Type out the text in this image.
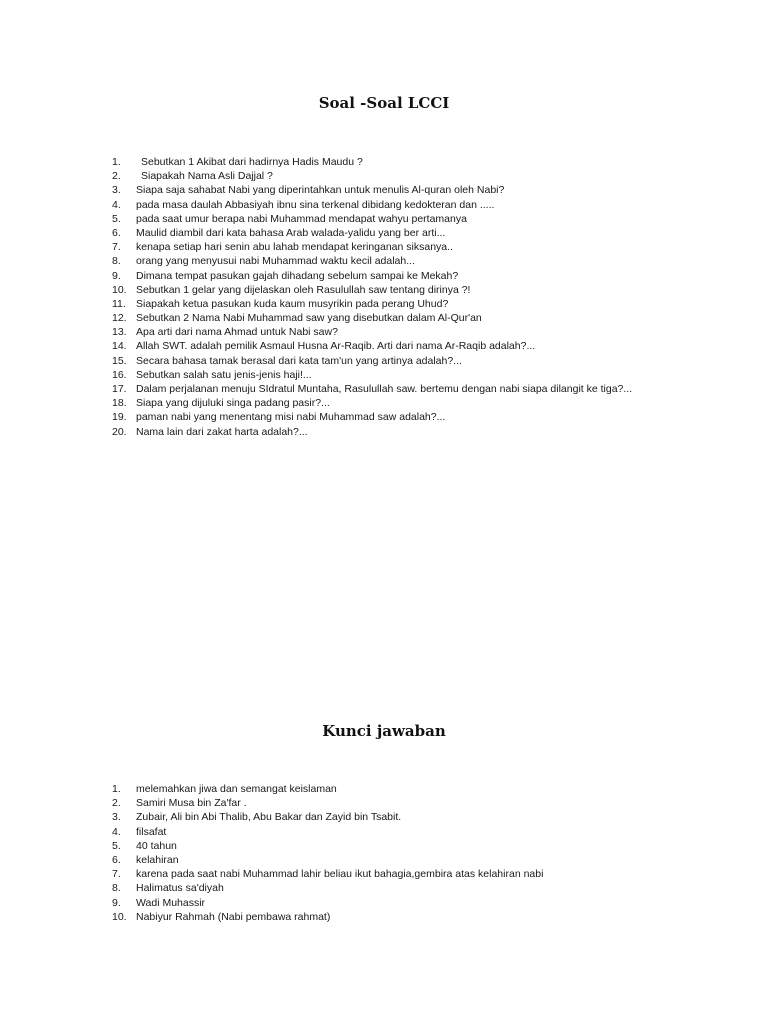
Soal -Soal LCCI
1.	Sebutkan 1 Akibat dari hadirnya Hadis Maudu ?
2.	Siapakah Nama Asli Dajjal ?
3.	Siapa saja sahabat Nabi yang diperintahkan untuk menulis Al-quran oleh Nabi?
4.	pada masa daulah Abbasiyah ibnu sina terkenal dibidang kedokteran dan .....
5.	pada saat umur berapa nabi Muhammad mendapat wahyu pertamanya
6.	Maulid diambil dari kata bahasa Arab walada-yalidu yang ber arti...
7.	kenapa setiap hari senin abu lahab mendapat keringanan siksanya..
8.	orang yang menyusui nabi Muhammad waktu kecil adalah...
9.	Dimana tempat pasukan gajah dihadang sebelum sampai ke Mekah?
10. Sebutkan 1 gelar yang dijelaskan oleh Rasulullah saw tentang dirinya ?!
11. Siapakah ketua pasukan kuda kaum musyrikin pada perang Uhud?
12. Sebutkan 2 Nama Nabi Muhammad saw yang disebutkan dalam Al-Qur'an
13. Apa arti dari nama Ahmad untuk Nabi saw?
14. Allah SWT. adalah pemilik Asmaul Husna Ar-Raqib. Arti dari nama Ar-Raqib adalah?...
15. Secara bahasa tamak berasal dari kata tam'un yang artinya adalah?...
16. Sebutkan salah satu jenis-jenis haji!...
17. Dalam perjalanan menuju SIdratul Muntaha, Rasulullah saw. bertemu dengan nabi siapa dilangit ke tiga?...
18. Siapa yang dijuluki singa padang pasir?...
19. paman nabi yang menentang misi nabi Muhammad saw adalah?...
20. Nama lain dari zakat harta adalah?...
Kunci jawaban
1.	melemahkan jiwa dan semangat keislaman
2.	Samiri Musa bin Za'far .
3.	Zubair, Ali bin Abi Thalib, Abu Bakar dan Zayid bin Tsabit.
4.	filsafat
5.	40 tahun
6.	kelahiran
7.	karena pada saat nabi Muhammad lahir beliau ikut bahagia,gembira atas kelahiran nabi
8.	Halimatus sa'diyah
9.	Wadi Muhassir
10. Nabiyur Rahmah (Nabi pembawa rahmat)
